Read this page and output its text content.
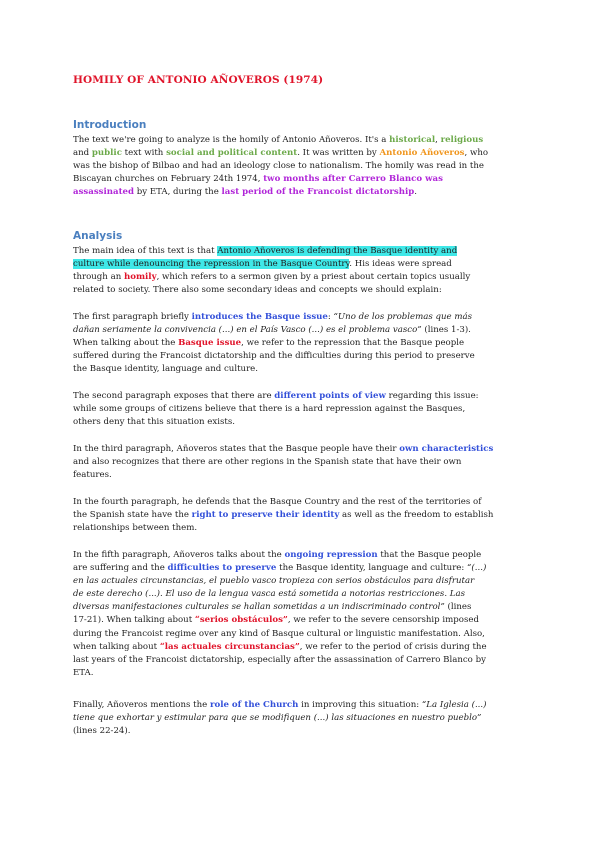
HOMILY OF ANTONIO AÑOVEROS (1974)
Introduction
The text we're going to analyze is the homily of Antonio Añoveros. It's a historical, religious
and public text with social and political content. It was written by Antonio Añoveros, who
was the bishop of Bilbao and had an ideology close to nationalism. The homily was read in the
Biscayan churches on February 24th 1974, two months after Carrero Blanco was
assassinated by ETA, during the last period of the Francoist dictatorship.
Analysis
The main idea of this text is that Antonio Añoveros is defending the Basque identity and
culture while denouncing the repression in the Basque Country. His ideas were spread
through an homily, which refers to a sermon given by a priest about certain topics usually
related to society. There also some secondary ideas and concepts we should explain:
The first paragraph briefly introduces the Basque issue: “Uno de los problemas que más
dañan seriamente la convivencia (...) en el País Vasco (...) es el problema vasco” (lines 1-3).
When talking about the Basque issue, we refer to the repression that the Basque people
suffered during the Francoist dictatorship and the difficulties during this period to preserve
the Basque identity, language and culture.
The second paragraph exposes that there are different points of view regarding this issue:
while some groups of citizens believe that there is a hard repression against the Basques,
others deny that this situation exists.
In the third paragraph, Añoveros states that the Basque people have their own characteristics
and also recognizes that there are other regions in the Spanish state that have their own
features.
In the fourth paragraph, he defends that the Basque Country and the rest of the territories of
the Spanish state have the right to preserve their identity as well as the freedom to establish
relationships between them.
In the fifth paragraph, Añoveros talks about the ongoing repression that the Basque people
are suffering and the difficulties to preserve the Basque identity, language and culture: “(...)
en las actuales circunstancias, el pueblo vasco tropieza con serios obstáculos para disfrutar
de este derecho (...). El uso de la lengua vasca está sometida a notorias restricciones. Las
diversas manifestaciones culturales se hallan sometidas a un indiscriminado control” (lines
17-21). When talking about “serios obstáculos”, we refer to the severe censorship imposed
during the Francoist regime over any kind of Basque cultural or linguistic manifestation. Also,
when talking about “las actuales circunstancias”, we refer to the period of crisis during the
last years of the Francoist dictatorship, especially after the assassination of Carrero Blanco by
ETA.
Finally, Añoveros mentions the role of the Church in improving this situation: “La Iglesia (...)
tiene que exhortar y estimular para que se modifiquen (...) las situaciones en nuestro pueblo”
(lines 22-24).
